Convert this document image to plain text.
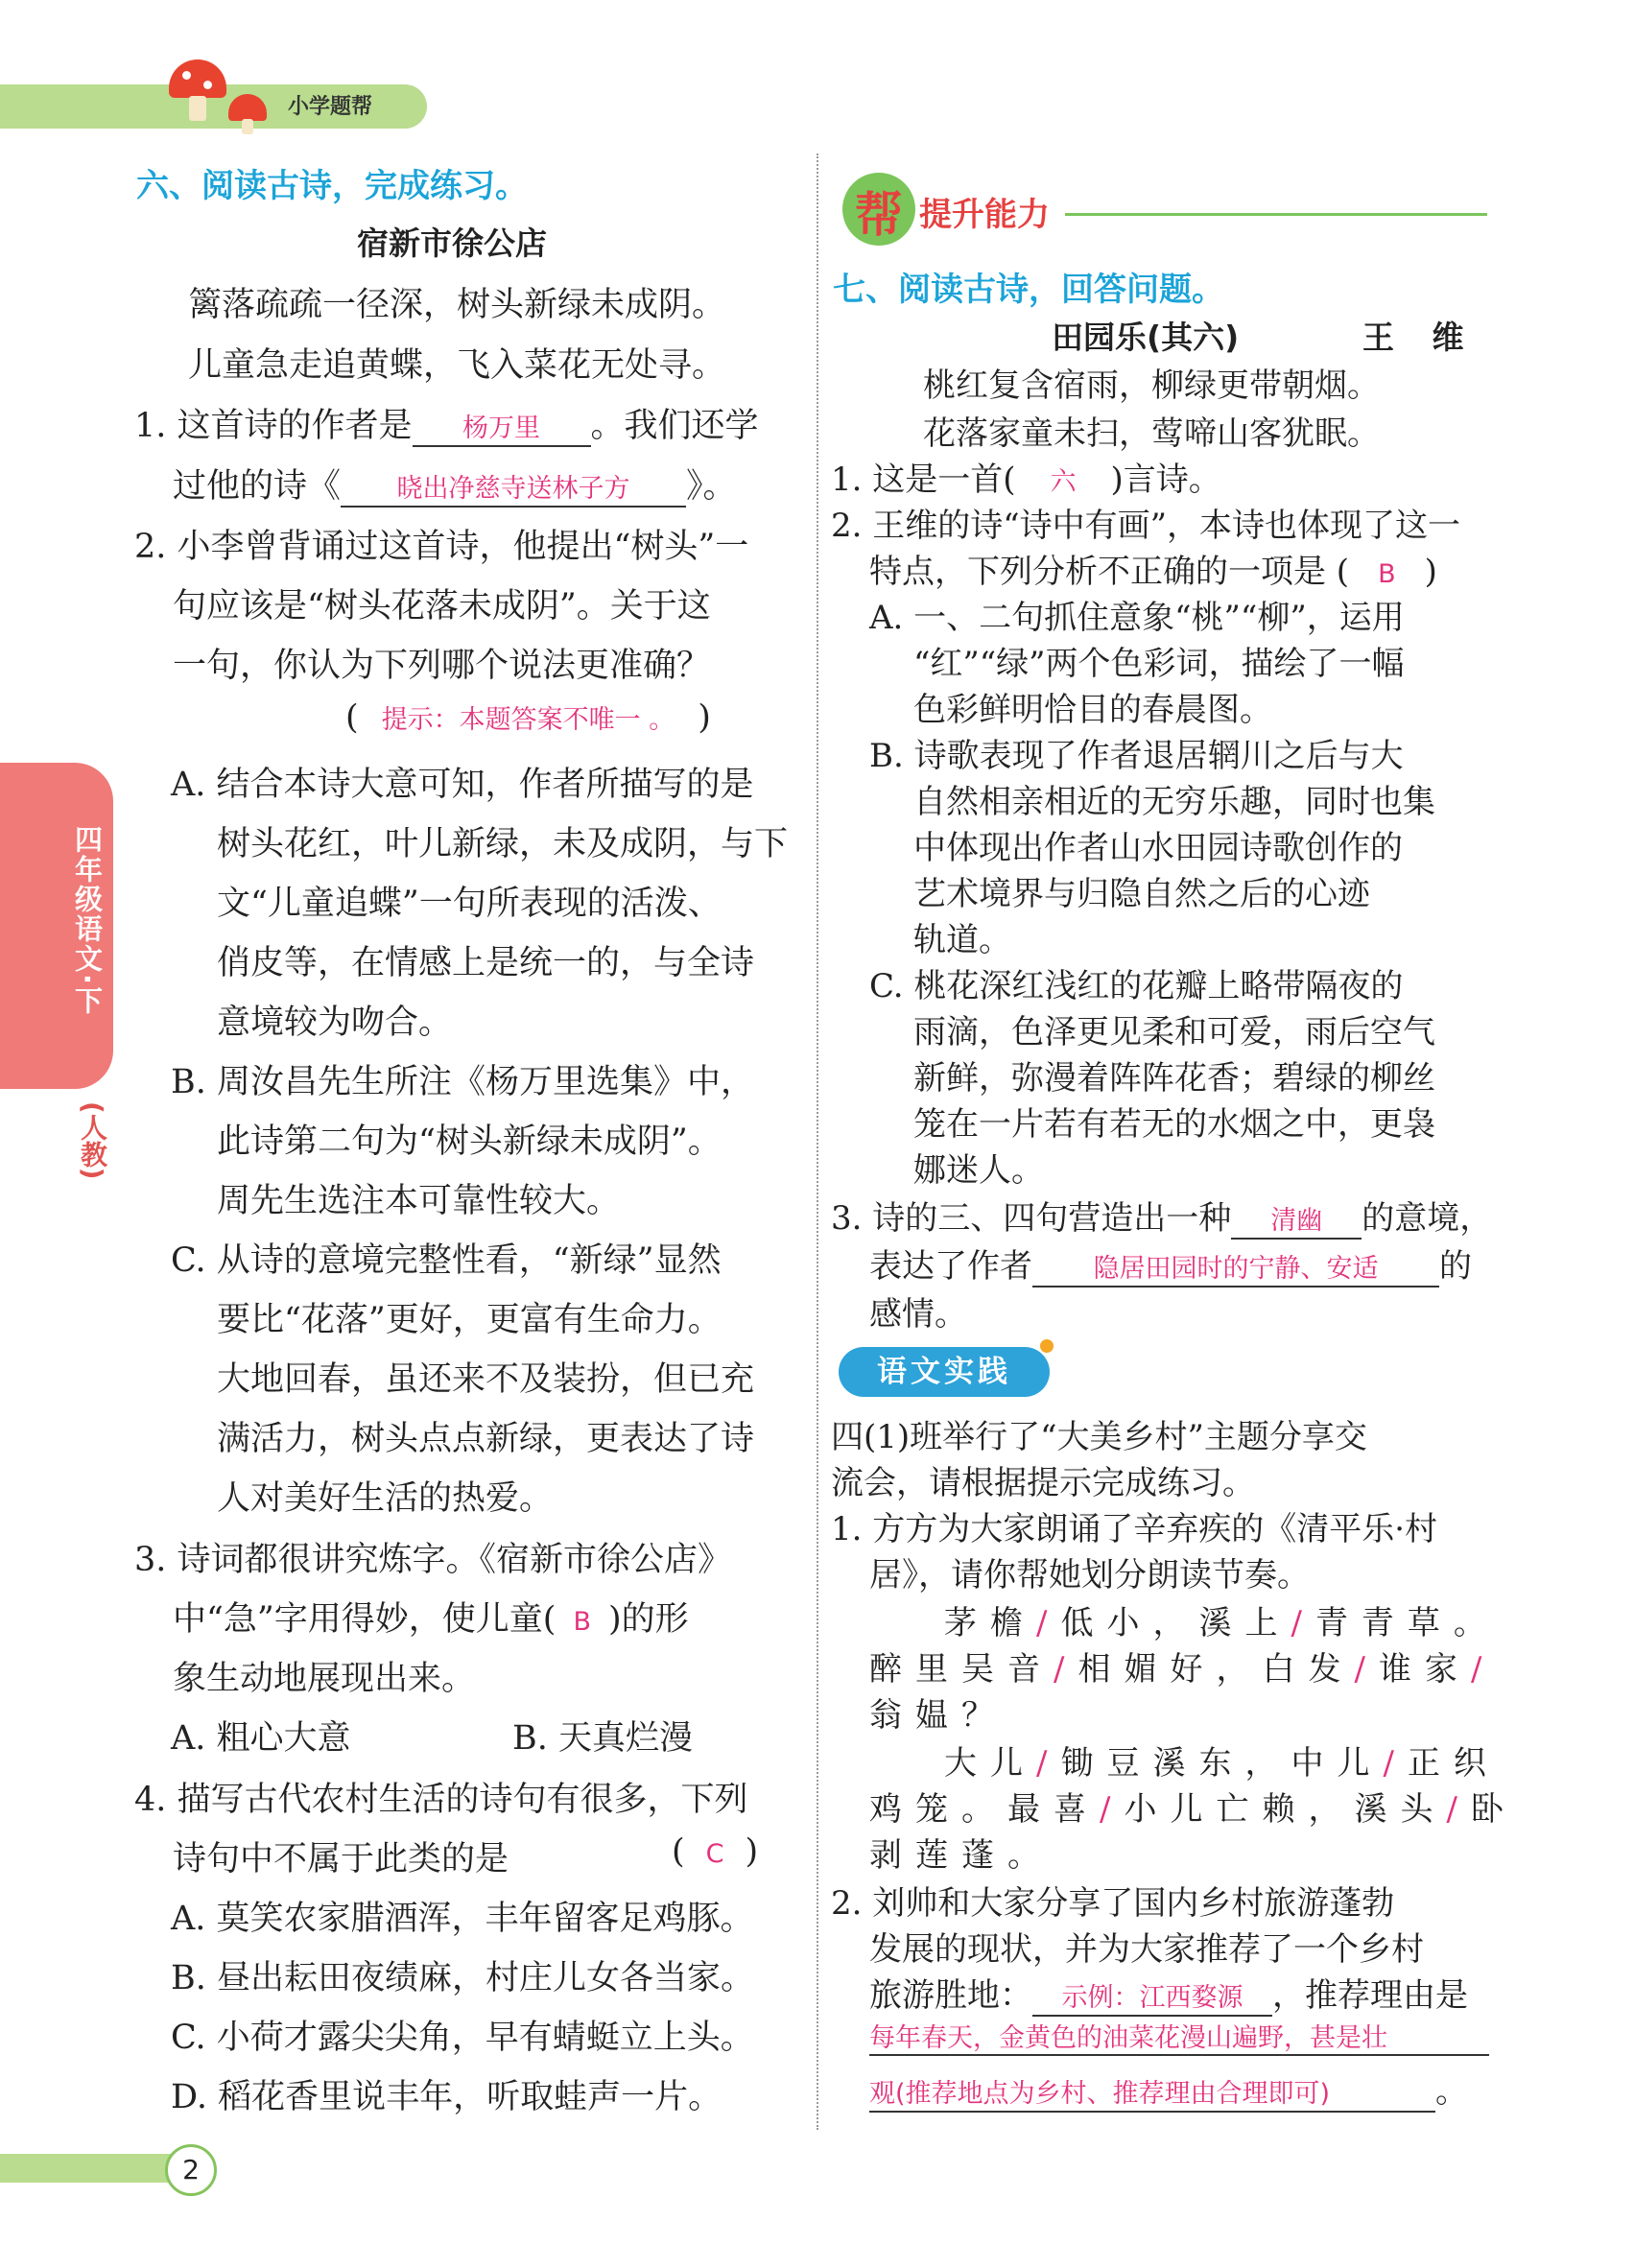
小学题帮
四年级语文·下
(人教)
六、阅读古诗，完成练习。
宿新市徐公店
篱落疏疏一径深，树头新绿未成阴。
儿童急走追黄蝶，飞入菜花无处寻。
1. 这首诗的作者是 杨万里 。我们还学
过他的诗《 晓出净慈寺送林子方 》。
2. 小李曾背诵过这首诗，他提出“树头”一
句应该是“树头花落未成阴”。关于这
一句，你认为下列哪个说法更准确？
( 提示：本题答案不唯一 。 )
A. 结合本诗大意可知，作者所描写的是
树头花红，叶儿新绿，未及成阴，与下
文“儿童追蝶”一句所表现的活泼、
俏皮等，在情感上是统一的，与全诗
意境较为吻合。
B. 周汝昌先生所注《杨万里选集》中，
此诗第二句为“树头新绿未成阴”。
周先生选注本可靠性较大。
C. 从诗的意境完整性看，“新绿”显然
要比“花落”更好，更富有生命力。
大地回春，虽还来不及装扮，但已充
满活力，树头点点新绿，更表达了诗
人对美好生活的热爱。
3. 诗词都很讲究炼字。《宿新市徐公店》
中“急”字用得妙，使儿童( B )的形
象生动地展现出来。
A. 粗心大意	B. 天真烂漫
4. 描写古代农村生活的诗句有很多，下列
诗句中不属于此类的是	( C )
A. 莫笑农家腊酒浑，丰年留客足鸡豚。
B. 昼出耘田夜绩麻，村庄儿女各当家。
C. 小荷才露尖尖角，早有蜻蜓立上头。
D. 稻花香里说丰年，听取蛙声一片。
帮 提升能力
七、阅读古诗，回答问题。
田园乐(其六)	王 维
桃红复含宿雨，柳绿更带朝烟。
花落家童未扫，莺啼山客犹眠。
1. 这是一首( 六 )言诗。
2. 王维的诗“诗中有画”，本诗也体现了这一
特点，下列分析不正确的一项是 ( B )
A. 一、二句抓住意象“桃”“柳”，运用
“红”“绿”两个色彩词，描绘了一幅
色彩鲜明恰目的春晨图。
B. 诗歌表现了作者退居辋川之后与大
自然相亲相近的无穷乐趣，同时也集
中体现出作者山水田园诗歌创作的
艺术境界与归隐自然之后的心迹
轨道。
C. 桃花深红浅红的花瓣上略带隔夜的
雨滴，色泽更见柔和可爱，雨后空气
新鲜，弥漫着阵阵花香；碧绿的柳丝
笼在一片若有若无的水烟之中，更袅
娜迷人。
3. 诗的三、四句营造出一种 清幽 的意境，
表达了作者 隐居田园时的宁静、安适 的
感情。
语文实践
四(1)班举行了“大美乡村”主题分享交
流会，请根据提示完成练习。
1. 方方为大家朗诵了辛弃疾的《清平乐·村
居》，请你帮她划分朗读节奏。
茅檐/低小，溪上/青青草。
醉里吴音/相媚好，白发/谁家/
翁媪？
大儿/锄豆溪东，中儿/正织
鸡笼。最喜/小儿亡赖，溪头/卧
剥莲蓬。
2. 刘帅和大家分享了国内乡村旅游蓬勃
发展的现状，并为大家推荐了一个乡村
旅游胜地： 示例：江西婺源 ，推荐理由是
每年春天，金黄色的油菜花漫山遍野，甚是壮
观(推荐地点为乡村、推荐理由合理即可)	。
2
